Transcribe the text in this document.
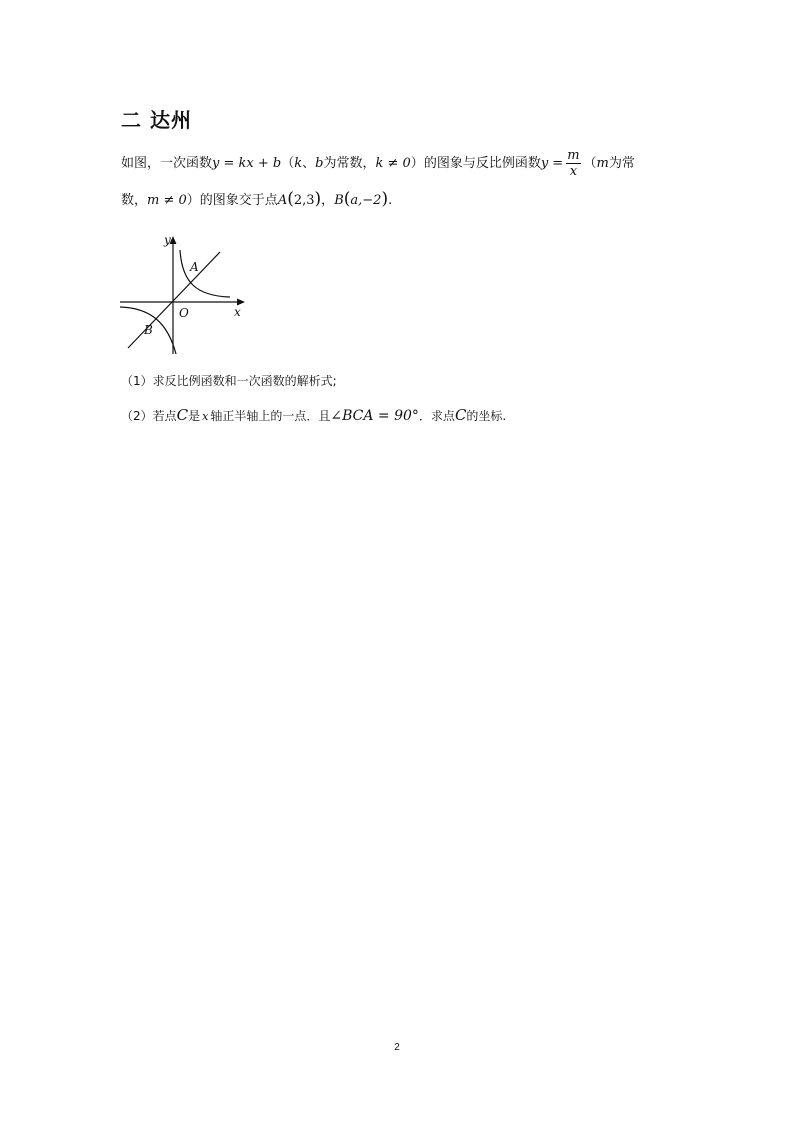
二 达州
如图，一次函数y = kx + b（k、b为常数，k ≠ 0）的图象与反比例函数$y = \frac{m}{x} (m$为常
数，m ≠ 0）的图象交于点A(2,3)，B(a,−2).
y
x
O
A
B
（1）求反比例函数和一次函数的解析式;
（2）若点C是 x 轴正半轴上的一点．且∠BCA = 90°．求点C的坐标.
2
